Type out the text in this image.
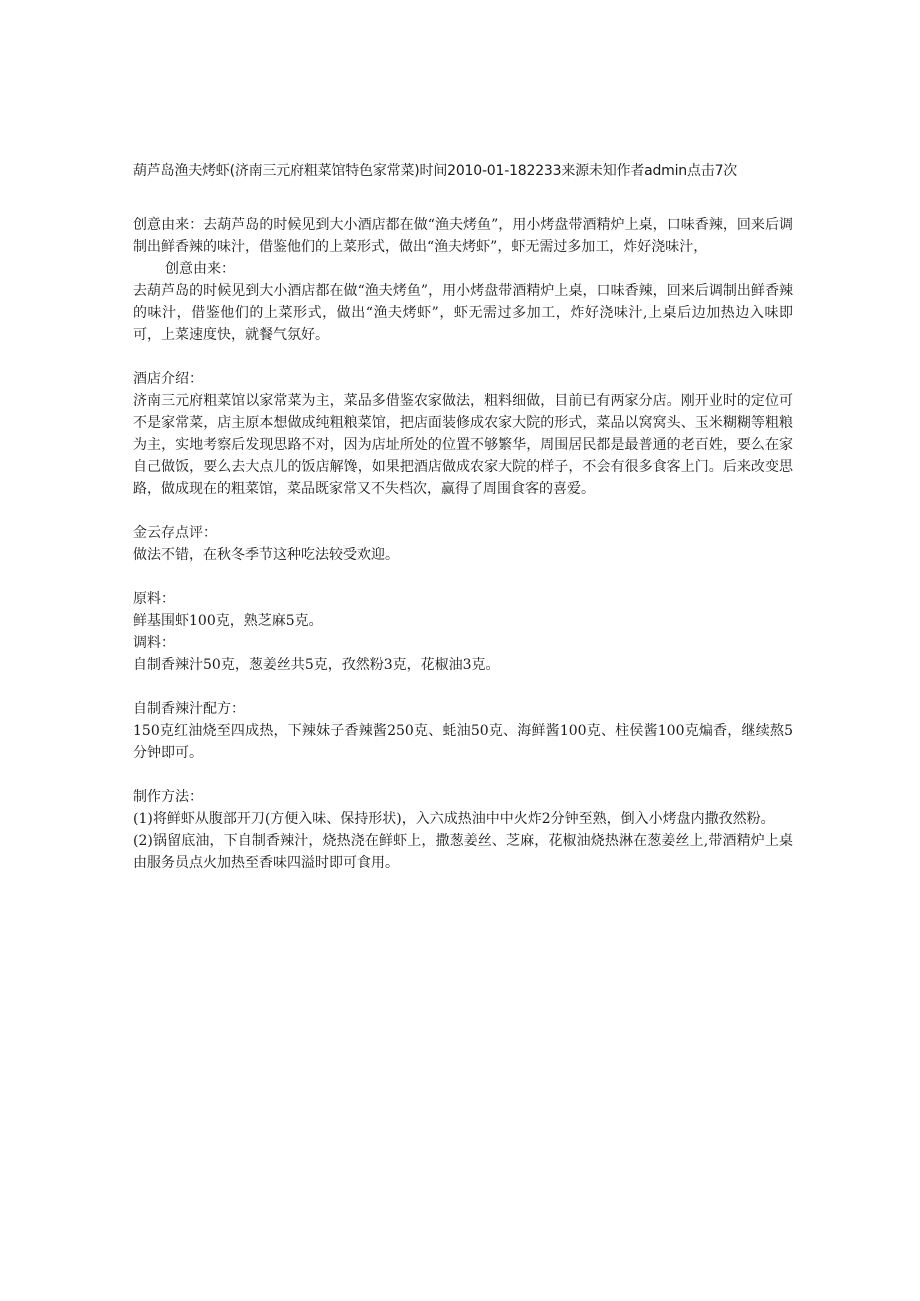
葫芦岛渔夫烤虾(济南三元府粗菜馆特色家常菜)时间2010-01-182233来源未知作者admin点击7次

创意由来：去葫芦岛的时候见到大小酒店都在做“渔夫烤鱼”，用小烤盘带酒精炉上桌，口味香辣，回来后调制出鲜香辣的味汁，借鉴他们的上菜形式，做出“渔夫烤虾”，虾无需过多加工，炸好浇味汁，

创意由来：

去葫芦岛的时候见到大小酒店都在做“渔夫烤鱼”，用小烤盘带酒精炉上桌，口味香辣，回来后调制出鲜香辣的味汁，借鉴他们的上菜形式，做出“渔夫烤虾”，虾无需过多加工，炸好浇味汁,上桌后边加热边入味即可，上菜速度快，就餐气氛好。

酒店介绍：

济南三元府粗菜馆以家常菜为主，菜品多借鉴农家做法，粗料细做，目前已有两家分店。刚开业时的定位可不是家常菜，店主原本想做成纯粗粮菜馆，把店面装修成农家大院的形式，菜品以窝窝头、玉米糊糊等粗粮为主，实地考察后发现思路不对，因为店址所处的位置不够繁华，周围居民都是最普通的老百姓，要么在家自己做饭，要么去大点儿的饭店解馋，如果把酒店做成农家大院的样子，不会有很多食客上门。后来改变思路，做成现在的粗菜馆，菜品既家常又不失档次，赢得了周围食客的喜爱。

金云存点评：

做法不错，在秋冬季节这种吃法较受欢迎。

原料：

鲜基围虾100克，熟芝麻5克。

调料：

自制香辣汁50克，葱姜丝共5克，孜然粉3克，花椒油3克。

自制香辣汁配方：

150克红油烧至四成热，下辣妹子香辣酱250克、蚝油50克、海鲜酱100克、柱侯酱100克煸香，继续熬5分钟即可。

制作方法：

(1)将鲜虾从腹部开刀(方便入味、保持形状)，入六成热油中中火炸2分钟至熟，倒入小烤盘内撒孜然粉。

(2)锅留底油，下自制香辣汁，烧热浇在鲜虾上，撒葱姜丝、芝麻，花椒油烧热淋在葱姜丝上,带酒精炉上桌由服务员点火加热至香味四溢时即可食用。
